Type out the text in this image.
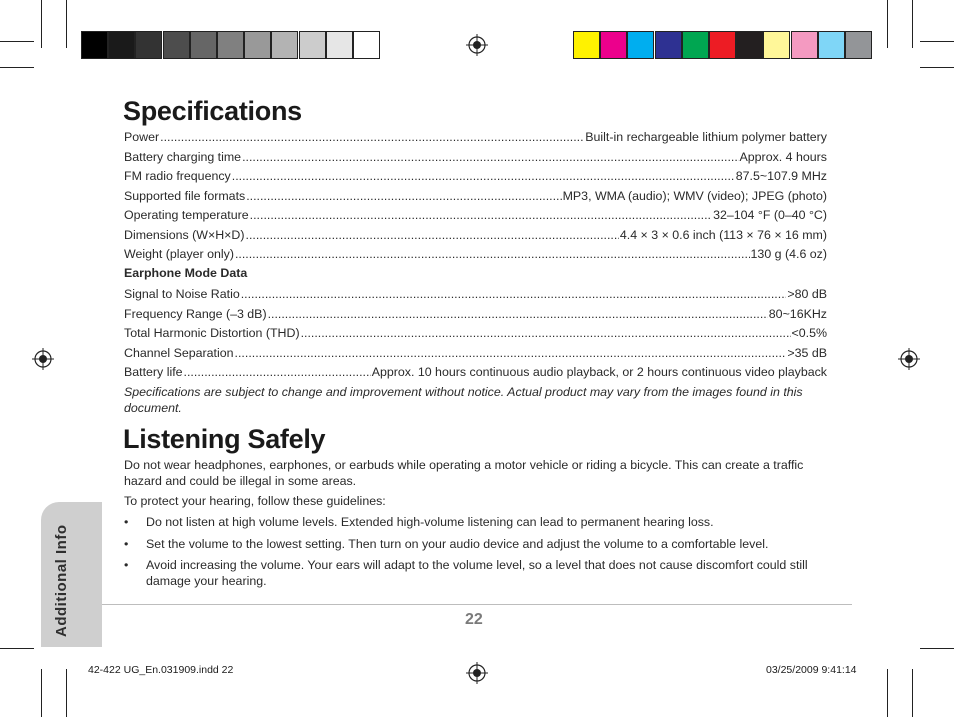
Specifications
Power .....	Built-in rechargeable lithium polymer battery
Battery charging time .....	Approx. 4 hours
FM radio frequency .....	87.5~107.9 MHz
Supported file formats .....	MP3, WMA (audio); WMV (video); JPEG (photo)
Operating temperature .....	32–104 °F (0–40 °C)
Dimensions (W×H×D) .....	4.4 × 3 × 0.6 inch (113 × 76 × 16 mm)
Weight (player only) .....	130 g (4.6 oz)
Earphone Mode Data
Signal to Noise Ratio .....	>80 dB
Frequency Range (–3 dB) .....	80~16KHz
Total Harmonic Distortion (THD) .....	<0.5%
Channel Separation .....	>35 dB
Battery life .....	Approx. 10 hours continuous audio playback, or 2 hours continuous video playback
Specifications are subject to change and improvement without notice. Actual product may vary from the images found in this document.
Listening Safely
Do not wear headphones, earphones, or earbuds while operating a motor vehicle or riding a bicycle. This can create a traffic hazard and could be illegal in some areas.
To protect your hearing, follow these guidelines:
• Do not listen at high volume levels. Extended high-volume listening can lead to permanent hearing loss.
• Set the volume to the lowest setting. Then turn on your audio device and adjust the volume to a comfortable level.
• Avoid increasing the volume. Your ears will adapt to the volume level, so a level that does not cause discomfort could still damage your hearing.
Additional Info	22
42-422 UG_En.031909.indd 22	03/25/2009 9:41:14
